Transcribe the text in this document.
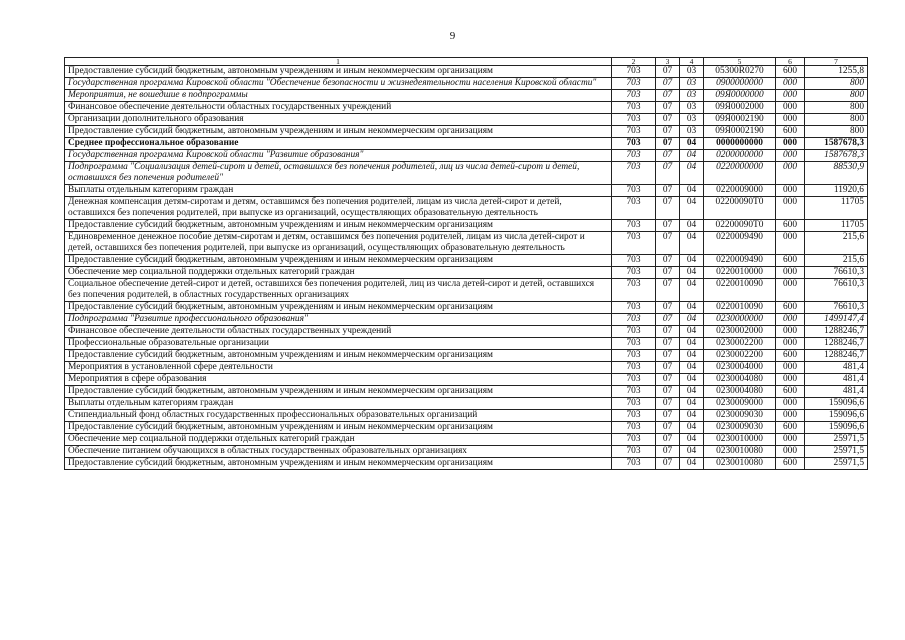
9
1	2	3	4	5	6	7
Предоставление субсидий бюджетным, автономным учреждениям и иным некоммерческим организациям	703	07	03	05300R0270	600	1255,8
Государственная программа Кировской области "Обеспечение безопасности и жизнедеятельности населения Кировской области"	703	07	03	0900000000	000	800
Мероприятия, не вошедшие в подпрограммы	703	07	03	09Я0000000	000	800
Финансовое обеспечение деятельности областных государственных учреждений	703	07	03	09Я0002000	000	800
Организации дополнительного образования	703	07	03	09Я0002190	000	800
Предоставление субсидий бюджетным, автономным учреждениям и иным некоммерческим организациям	703	07	03	09Я0002190	600	800
Среднее профессиональное образование	703	07	04	0000000000	000	1587678,3
Государственная программа Кировской области "Развитие образования"	703	07	04	0200000000	000	1587678,3
Подпрограмма "Социализация детей-сирот и детей, оставшихся без попечения родителей, лиц из числа детей-сирот и детей, оставшихся без попечения родителей"	703	07	04	0220000000	000	88530,9
Выплаты отдельным категориям граждан	703	07	04	0220009000	000	11920,6
Денежная компенсация детям-сиротам и детям, оставшимся без попечения родителей, лицам из числа детей-сирот и детей, оставшихся без попечения родителей, при выпуске из организаций, осуществляющих образовательную деятельность	703	07	04	02200090Т0	000	11705
Предоставление субсидий бюджетным, автономным учреждениям и иным некоммерческим организациям	703	07	04	02200090Т0	600	11705
Единовременное денежное пособие детям-сиротам и детям, оставшимся без попечения родителей, лицам из числа детей-сирот и детей, оставшихся без попечения родителей, при выпуске из организаций, осуществляющих образовательную деятельность	703	07	04	0220009490	000	215,6
Предоставление субсидий бюджетным, автономным учреждениям и иным некоммерческим организациям	703	07	04	0220009490	600	215,6
Обеспечение мер социальной поддержки отдельных категорий граждан	703	07	04	0220010000	000	76610,3
Социальное обеспечение детей-сирот и детей, оставшихся без попечения родителей, лиц из числа детей-сирот и детей, оставшихся без попечения родителей, в областных государственных организациях	703	07	04	0220010090	000	76610,3
Предоставление субсидий бюджетным, автономным учреждениям и иным некоммерческим организациям	703	07	04	0220010090	600	76610,3
Подпрограмма "Развитие профессионального образования"	703	07	04	0230000000	000	1499147,4
Финансовое обеспечение деятельности областных государственных учреждений	703	07	04	0230002000	000	1288246,7
Профессиональные образовательные организации	703	07	04	0230002200	000	1288246,7
Предоставление субсидий бюджетным, автономным учреждениям и иным некоммерческим организациям	703	07	04	0230002200	600	1288246,7
Мероприятия в установленной сфере деятельности	703	07	04	0230004000	000	481,4
Мероприятия в сфере образования	703	07	04	0230004080	000	481,4
Предоставление субсидий бюджетным, автономным учреждениям и иным некоммерческим организациям	703	07	04	0230004080	600	481,4
Выплаты отдельным категориям граждан	703	07	04	0230009000	000	159096,6
Стипендиальный фонд областных государственных профессиональных образовательных организаций	703	07	04	0230009030	000	159096,6
Предоставление субсидий бюджетным, автономным учреждениям и иным некоммерческим организациям	703	07	04	0230009030	600	159096,6
Обеспечение мер социальной поддержки отдельных категорий граждан	703	07	04	0230010000	000	25971,5
Обеспечение питанием обучающихся в областных государственных образовательных организациях	703	07	04	0230010080	000	25971,5
Предоставление субсидий бюджетным, автономным учреждениям и иным некоммерческим организациям	703	07	04	0230010080	600	25971,5
